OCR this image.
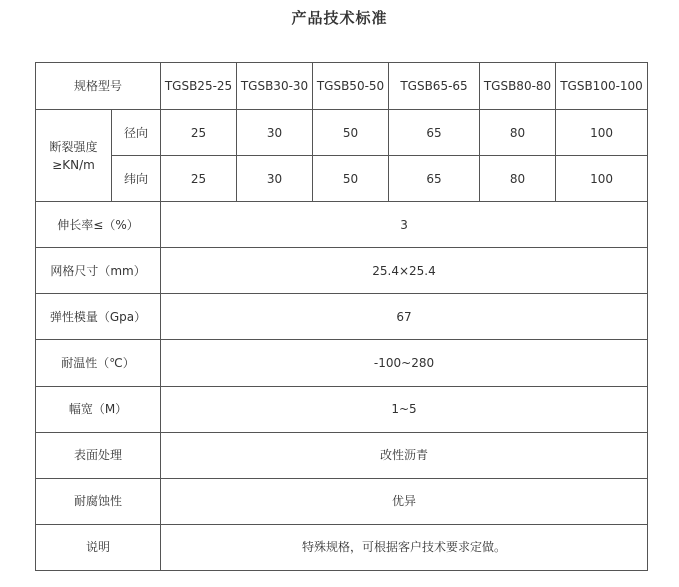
产品技术标准
规格型号		TGSB25-25	TGSB30-30	TGSB50-50	TGSB65-65	TGSB80-80	TGSB100-100

断裂强度
≥KN/m	径向	25	30	50	65	80	100
	纬向	25	30	50	65	80	100
伸长率≤（%）		3					
网格尺寸（mm）		25.4×25.4					
弹性模量（Gpa）		67					
耐温性（℃）		-100~280					
幅宽（M）		1~5					
表面处理		改性沥青					
耐腐蚀性		优异					
说明		特殊规格，可根据客户技术要求定做。					
